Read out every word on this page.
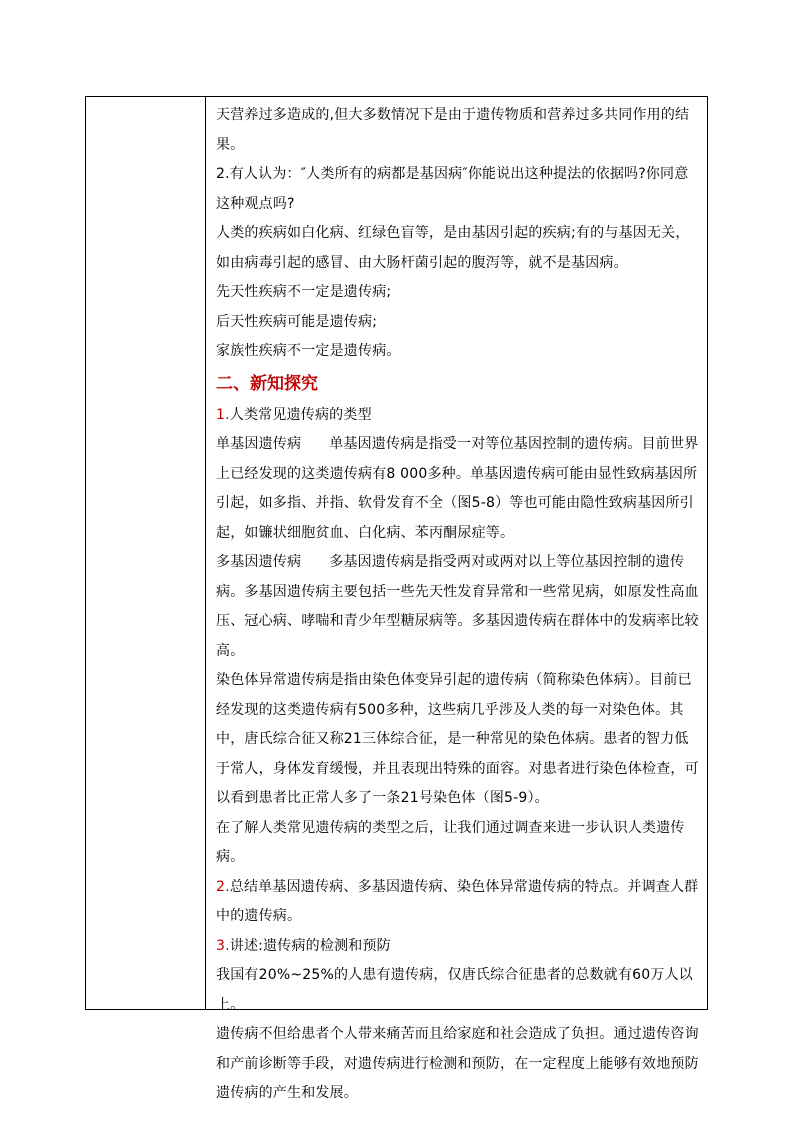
天营养过多造成的,但大多数情况下是由于遗传物质和营养过多共同作用的结果。

2.有人认为：″人类所有的病都是基因病″你能说出这种提法的依据吗?你同意这种观点吗?

人类的疾病如白化病、红绿色盲等，是由基因引起的疾病;有的与基因无关，如由病毒引起的感冒、由大肠杆菌引起的腹泻等，就不是基因病。

先天性疾病不一定是遗传病;

后天性疾病可能是遗传病;

家族性疾病不一定是遗传病。

二、新知探究

1.人类常见遗传病的类型

单基因遗传病 单基因遗传病是指受一对等位基因控制的遗传病。目前世界上已经发现的这类遗传病有8 000多种。单基因遗传病可能由显性致病基因所引起，如多指、并指、软骨发育不全（图5-8）等也可能由隐性致病基因所引起，如镰状细胞贫血、白化病、苯丙酮尿症等。

多基因遗传病 多基因遗传病是指受两对或两对以上等位基因控制的遗传病。多基因遗传病主要包括一些先天性发育异常和一些常见病，如原发性高血压、冠心病、哮喘和青少年型糖尿病等。多基因遗传病在群体中的发病率比较高。

染色体异常遗传病是指由染色体变异引起的遗传病（简称染色体病）。目前已经发现的这类遗传病有500多种，这些病几乎涉及人类的每一对染色体。其中，唐氏综合征又称21三体综合征，是一种常见的染色体病。患者的智力低于常人，身体发育缓慢，并且表现出特殊的面容。对患者进行染色体检查，可以看到患者比正常人多了一条21号染色体（图5-9）。

在了解人类常见遗传病的类型之后，让我们通过调查来进一步认识人类遗传病。

2.总结单基因遗传病、多基因遗传病、染色体异常遗传病的特点。并调查人群中的遗传病。

3.讲述:遗传病的检测和预防

我国有20%~25%的人患有遗传病，仅唐氏综合征患者的总数就有60万人以上。

遗传病不但给患者个人带来痛苦而且给家庭和社会造成了负担。通过遗传咨询和产前诊断等手段，对遗传病进行检测和预防，在一定程度上能够有效地预防遗传病的产生和发展。
